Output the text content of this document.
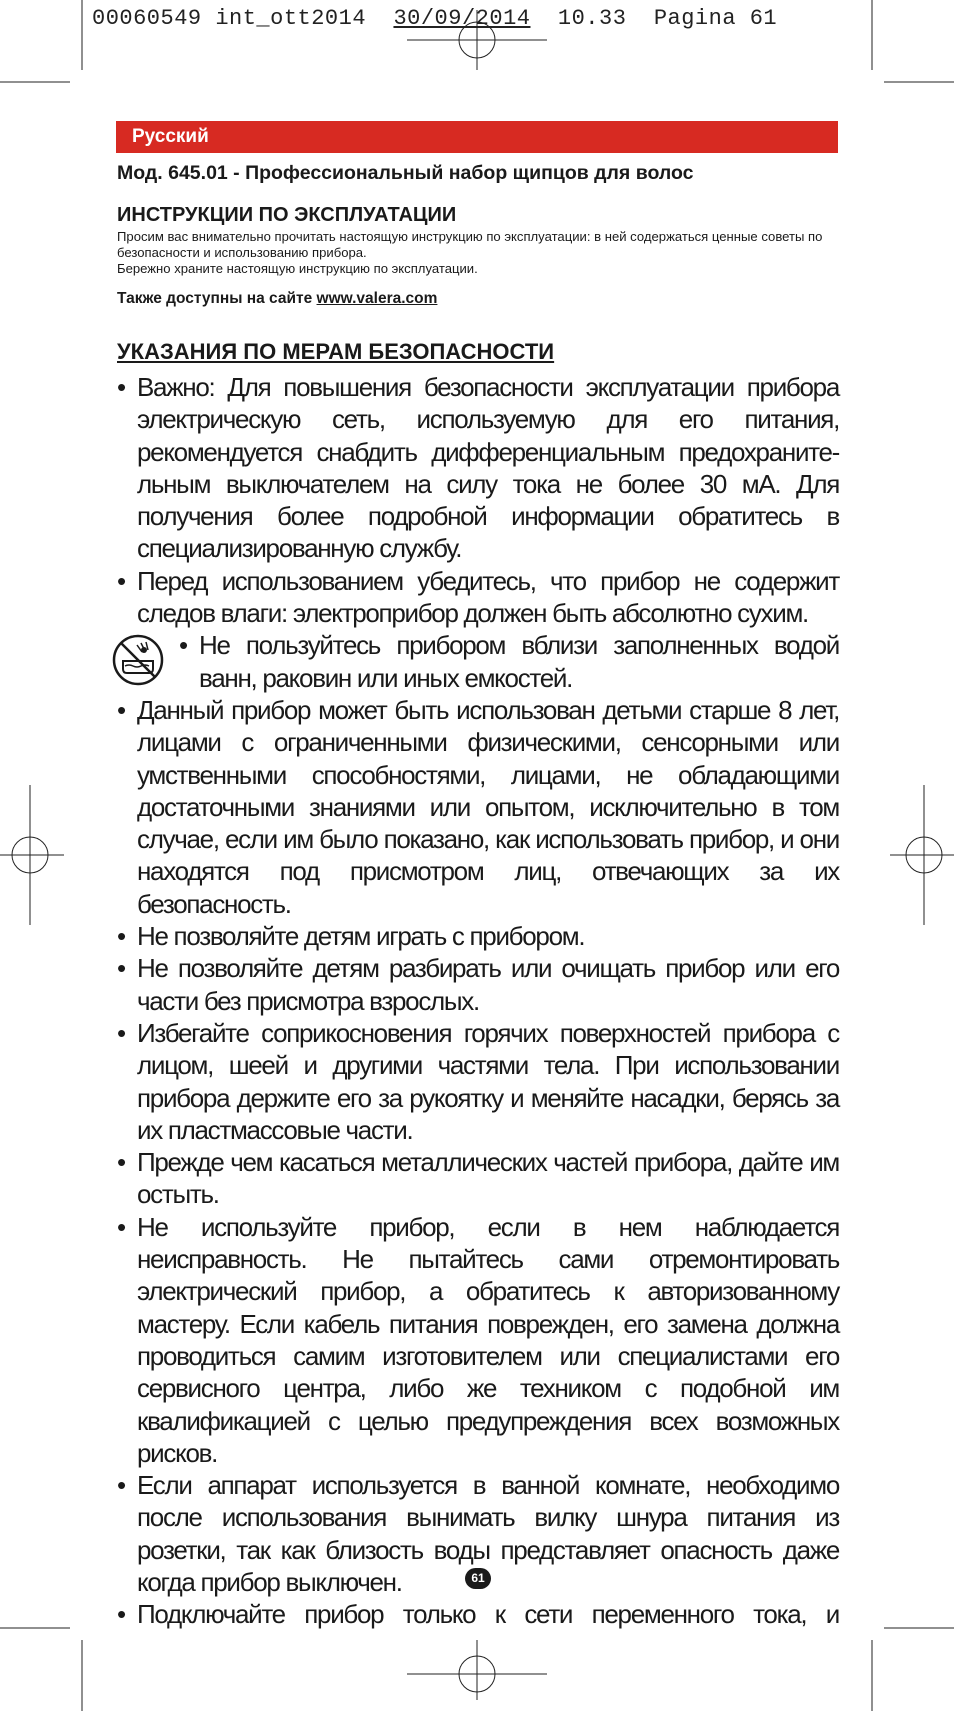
00060549 int_ott2014 30/09/2014 10.33 Pagina 61
Русский
Мод. 645.01 - Профессиональный набор щипцов для волос
ИНСТРУКЦИИ ПО ЭКСПЛУАТАЦИИ

Просим вас внимательно прочитать настоящую инструкцию по эксплуатации: в ней содержаться ценные советы по безопасности и использованию прибора.

Бережно храните настоящую инструкцию по эксплуатации.

Также доступны на сайте www.valera.com
УКАЗАНИЯ ПО МЕРАМ БЕЗОПАСНОСТИ
• Важно: Для повышения безопасности эксплуатации прибора электрическую сеть, используемую для его питания, рекомендуется снабдить дифференциальным предохраните-льным выключателем на силу тока не более 30 мА. Для получения более подробной информации обратитесь в специализированную службу.
• Перед использованием убедитесь, что прибор не содержит следов влаги: электроприбор должен быть абсолютно сухим.
• Не пользуйтесь прибором вблизи заполненных водой ванн, раковин или иных емкостей.
• Данный прибор может быть использован детьми старше 8 лет, лицами с ограниченными физическими, сенсорными или умственными способностями, лицами, не обладающими достаточными знаниями или опытом, исключительно в том случае, если им было показано, как использовать прибор, и они находятся под присмотром лиц, отвечающих за их безопасность.
• Не позволяйте детям играть с прибором.
• Не позволяйте детям разбирать или очищать прибор или его части без присмотра взрослых.
• Избегайте соприкосновения горячих поверхностей прибора с лицом, шеей и другими частями тела. При использовании прибора держите его за рукоятку и меняйте насадки, берясь за их пластмассовые части.
• Прежде чем касаться металлических частей прибора, дайте им остыть.
• Не используйте прибор, если в нем наблюдается неисправность. Не пытайтесь сами отремонтировать электрический прибор, а обратитесь к авторизованному мастеру. Если кабель питания поврежден, его замена должна проводиться самим изготовителем или специалистами его сервисного центра, либо же техником с подобной им квалификацией с целью предупреждения всех возможных рисков.
• Если аппарат используется в ванной комнате, необходимо после использования вынимать вилку шнура питания из розетки, так как близость воды представляет опасность даже когда прибор выключен.
• Подключайте прибор только к сети переменного тока, и
61
